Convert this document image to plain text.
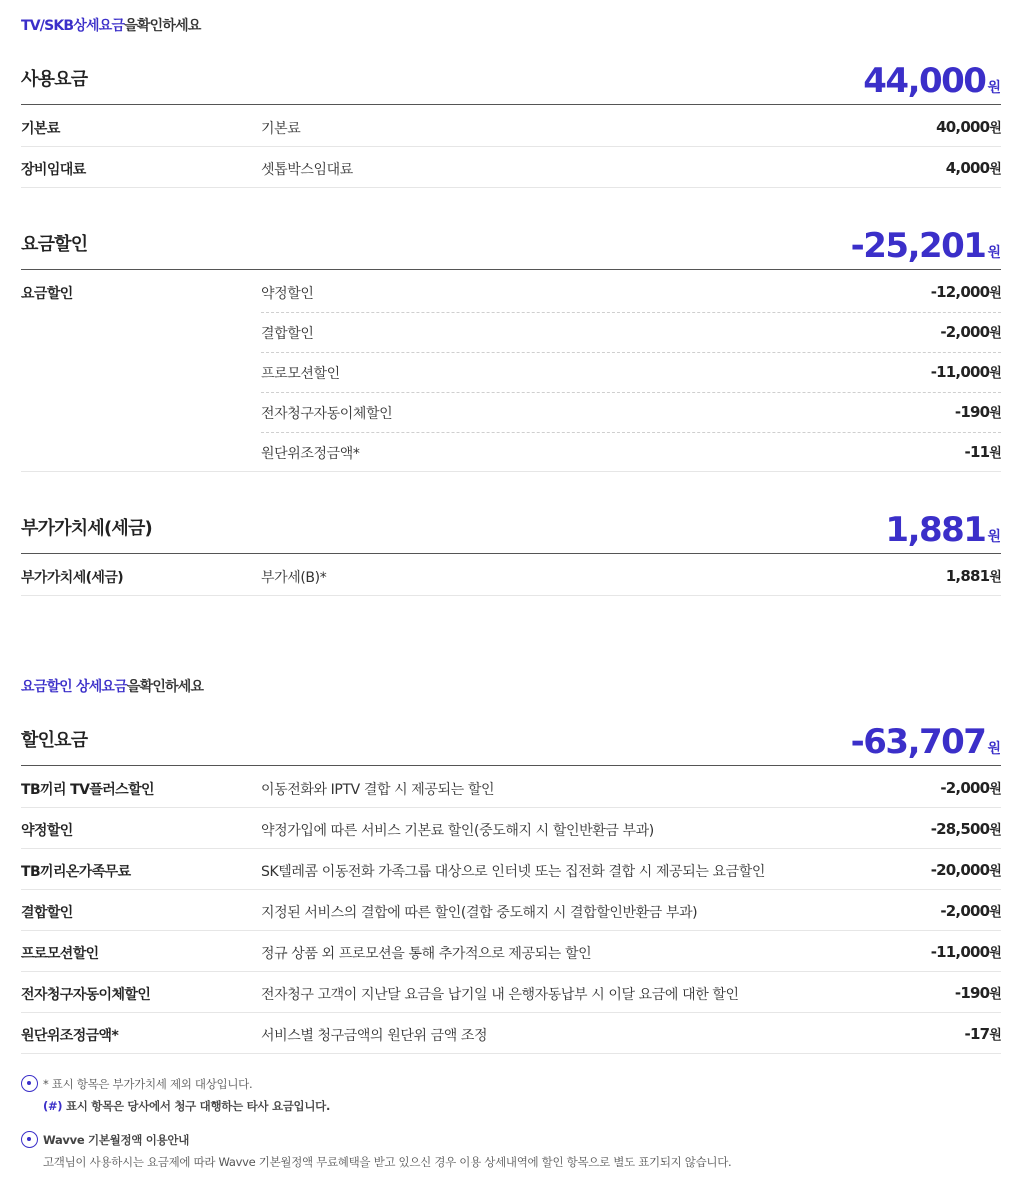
TV/SKB상세요금을확인하세요
사용요금	44,000 원
기본료	기본료	40,000원
장비임대료	셋톱박스임대료	4,000원
요금할인	-25,201 원
요금할인	약정할인	-12,000원
결합할인	-2,000원
프로모션할인	-11,000원
전자청구자동이체할인	-190원
원단위조정금액*	-11원
부가가치세(세금)	1,881 원
부가가치세(세금)	부가세(B)*	1,881원
요금할인 상세요금을확인하세요
할인요금	-63,707 원
TB끼리 TV플러스할인	이동전화와 IPTV 결합 시 제공되는 할인	-2,000원
약정할인	약정가입에 따른 서비스 기본료 할인(중도해지 시 할인반환금 부과)	-28,500원
TB끼리온가족무료	SK텔레콤 이동전화 가족그룹 대상으로 인터넷 또는 집전화 결합 시 제공되는 요금할인	-20,000원
결합할인	지정된 서비스의 결합에 따른 할인(결합 중도해지 시 결합할인반환금 부과)	-2,000원
프로모션할인	정규 상품 외 프로모션을 통해 추가적으로 제공되는 할인	-11,000원
전자청구자동이체할인	전자청구 고객이 지난달 요금을 납기일 내 은행자동납부 시 이달 요금에 대한 할인	-190원
원단위조정금액*	서비스별 청구금액의 원단위 금액 조정	-17원
* 표시 항목은 부가가치세 제외 대상입니다.
(#) 표시 항목은 당사에서 청구 대행하는 타사 요금입니다.
Wavve 기본월정액 이용안내
고객님이 사용하시는 요금제에 따라 Wavve 기본월정액 무료혜택을 받고 있으신 경우 이용 상세내역에 할인 항목으로 별도 표기되지 않습니다.
